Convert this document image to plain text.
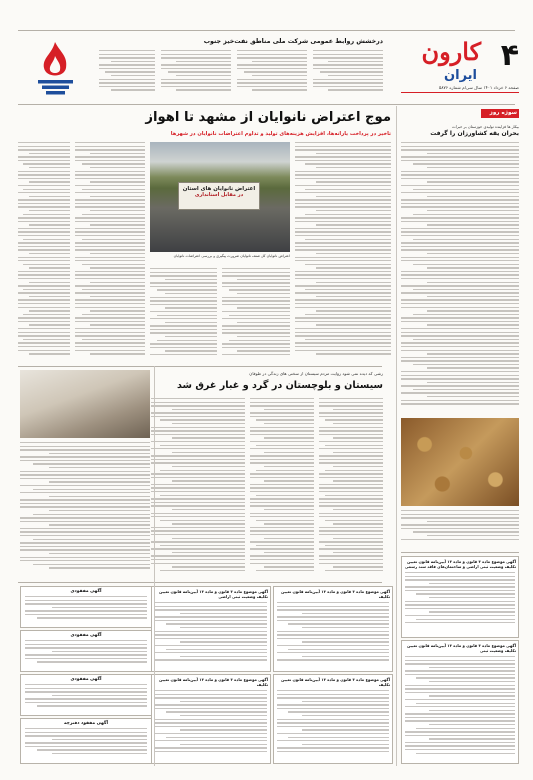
۴
کارون
ایران
صفحه ۶ خرداد ۱۴۰۱ سال سی‌ام شماره ۵۸۷۶
درخشش روابط عمومی شرکت ملی مناطق نفت‌خیز جنوب
سوژه روز
بیکار ها فزاینده تولیدی خوزستان بر خبرات
بحران یقه کشاورزان را گرفت
موج اعتراض نانوایان از مشهد تا اهواز
تأخیر در پرداخت یارانه‌ها، افزایش هزینه‌های تولید و تداوم اعتراضات نانوایان در شهرها
اعتراض نانوایان های استان
در مقابل استانداری
اعتراض نانوایان کل صنف نانوایان ضرورت پیگیری و بررسی اعتراضات نانوایان
رشی که دیده نمی شود روایت مردم سیستان از سختی های زندگی در طوفان
سیستان و بلوچستان در گرد و غبار غرق شد
آگهی موضوع ماده ۳ قانون و ماده ۱۳ آیین‌نامه قانون تعیین تکلیف وضعیت ثبتی اراضی و ساختمان‌های فاقد سند رسمی
آگهی موضوع ماده ۳ قانون و ماده ۱۳ آیین‌نامه قانون تعیین تکلیف وضعیت ثبتی
آگهی موضوع ماده ۳ قانون و ماده ۱۳ آیین‌نامه قانون تعیین تکلیف
آگهی موضوع ماده ۳ قانون و ماده ۱۳ آیین‌نامه قانون تعیین تکلیف وضعیت ثبتی اراضی
آگهی موضوع ماده ۳ قانون و ماده ۱۳ آیین‌نامه قانون تعیین تکلیف
آگهی موضوع ماده ۳ قانون و ماده ۱۳ آیین‌نامه قانون تعیین تکلیف
آگهی مفقودی
آگهی مفقودی
آگهی مفقودی
آگهی مفقود دفترچه
